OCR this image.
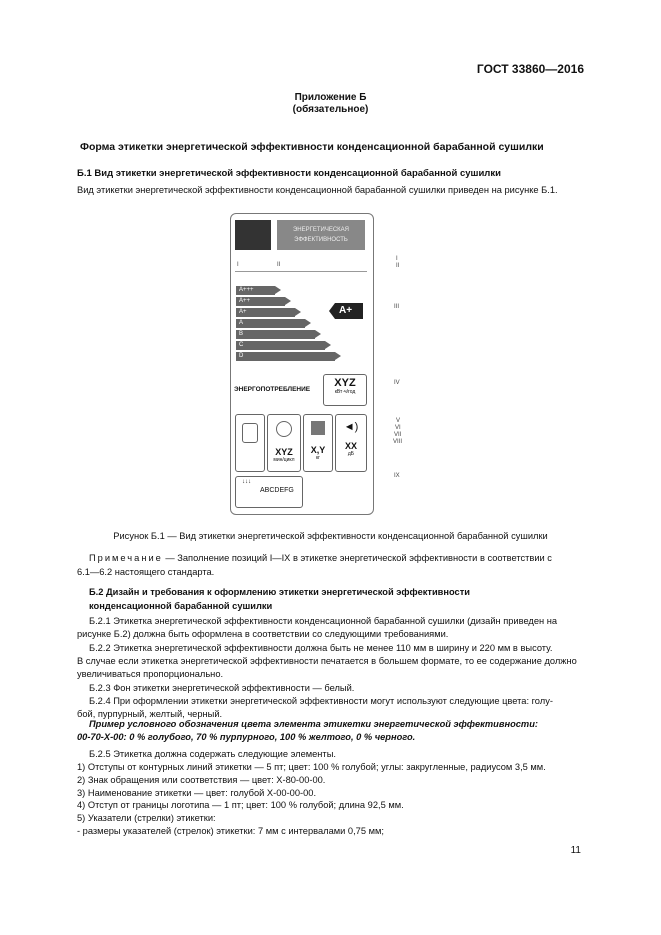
ГОСТ 33860—2016
Приложение Б
(обязательное)
Форма этикетки энергетической эффективности конденсационной барабанной сушилки
Б.1 Вид этикетки энергетической эффективности конденсационной барабанной сушилки
Вид этикетки энергетической эффективности конденсационной барабанной сушилки приведен на рисунке Б.1.
ЭНЕРГЕТИЧЕСКАЯ ЭФФЕКТИВНОСТЬ
I	II
A+++
A++
A+
A
B
C
D
A+
ЭНЕРГОПОТРЕБЛЕНИЕ
XYZ
кВт·ч/год
XYZ
мин/цикл
X,Y
кг
◄)
XX
дБ
↓↓↓
ABCDEFG
I
II
III
IV
V
VI
VII
VIII
IX
Рисунок Б.1 — Вид этикетки энергетической эффективности конденсационной барабанной сушилки
Примечание — Заполнение позиций I—IX в этикетке энергетической эффективности в соответствии с
6.1—6.2 настоящего стандарта.
Б.2 Дизайн и требования к оформлению этикетки энергетической эффективности
конденсационной барабанной сушилки
Б.2.1 Этикетка энергетической эффективности конденсационной барабанной сушилки (дизайн приведен на
рисунке Б.2) должна быть оформлена в соответствии со следующими требованиями.
Б.2.2 Этикетка энергетической эффективности должна быть не менее 110 мм в ширину и 220 мм в высоту.
В случае если этикетка энергетической эффективности печатается в большем формате, то ее содержание должно
увеличиваться пропорционально.
Б.2.3 Фон этикетки энергетической эффективности — белый.
Б.2.4 При оформлении этикетки энергетической эффективности могут используют следующие цвета: голу-
бой, пурпурный, желтый, черный.
Пример условного обозначения цвета элемента этикетки энергетической эффективности:
00-70-X-00: 0 % голубого, 70 % пурпурного, 100 % желтого, 0 % черного.
Б.2.5 Этикетка должна содержать следующие элементы.
1) Отступы от контурных линий этикетки — 5 пт; цвет: 100 % голубой; углы: закругленные, радиусом 3,5 мм.
2) Знак обращения или соответствия — цвет: X-80-00-00.
3) Наименование этикетки — цвет: голубой X-00-00-00.
4) Отступ от границы логотипа — 1 пт; цвет: 100 % голубой; длина 92,5 мм.
5) Указатели (стрелки) этикетки:
- размеры указателей (стрелок) этикетки: 7 мм с интервалами 0,75 мм;
11
